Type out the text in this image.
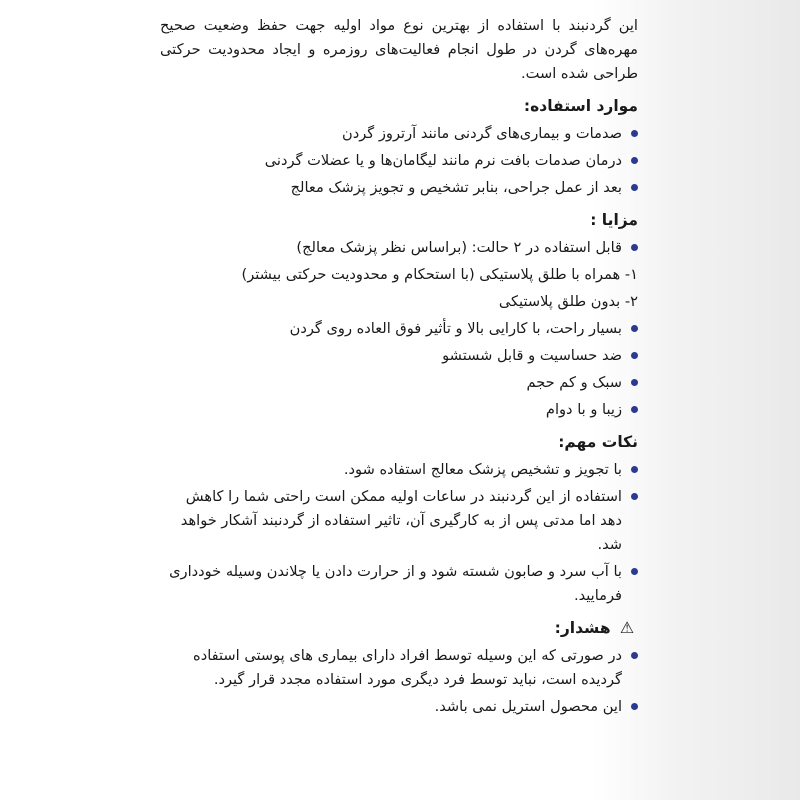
این گردنبند با استفاده از بهترین نوع مواد اولیه جهت حفظ وضعیت صحیح مهره‌های گردن در طول انجام فعالیت‌های روزمره و ایجاد محدودیت حرکتی طراحی شده است.

موارد استفاده:
صدمات و بیماری‌های گردنی مانند آرتروز گردن
درمان صدمات بافت نرم مانند لیگامان‌ها و یا عضلات گردنی
بعد از عمل جراحی، بنابر تشخیص و تجویز پزشک معالج
مزایا :
قابل استفاده در ۲ حالت: (براساس نظر پزشک معالج)
۱- همراه با طلق پلاستیکی (با استحکام و محدودیت حرکتی بیشتر)
۲- بدون طلق پلاستیکی
بسیار راحت، با کارایی بالا و تأثیر فوق العاده روی گردن
ضد حساسیت و قابل شستشو
سبک و کم حجم
زیبا و با دوام
نکات مهم:
با تجویز و تشخیص پزشک معالج استفاده شود.
استفاده از این گردنبند در ساعات اولیه ممکن است راحتی شما را کاهش دهد اما مدتی پس از به کارگیری آن، تاثیر استفاده از گردنبند آشکار خواهد شد.
با آب سرد و صابون شسته شود و از حرارت دادن یا چلاندن وسیله خودداری فرمایید.
⚠ هشدار:
در صورتی که این وسیله توسط افراد دارای بیماری های پوستی استفاده گردیده است، نباید توسط فرد دیگری مورد استفاده مجدد قرار گیرد.
این محصول استریل نمی باشد.
